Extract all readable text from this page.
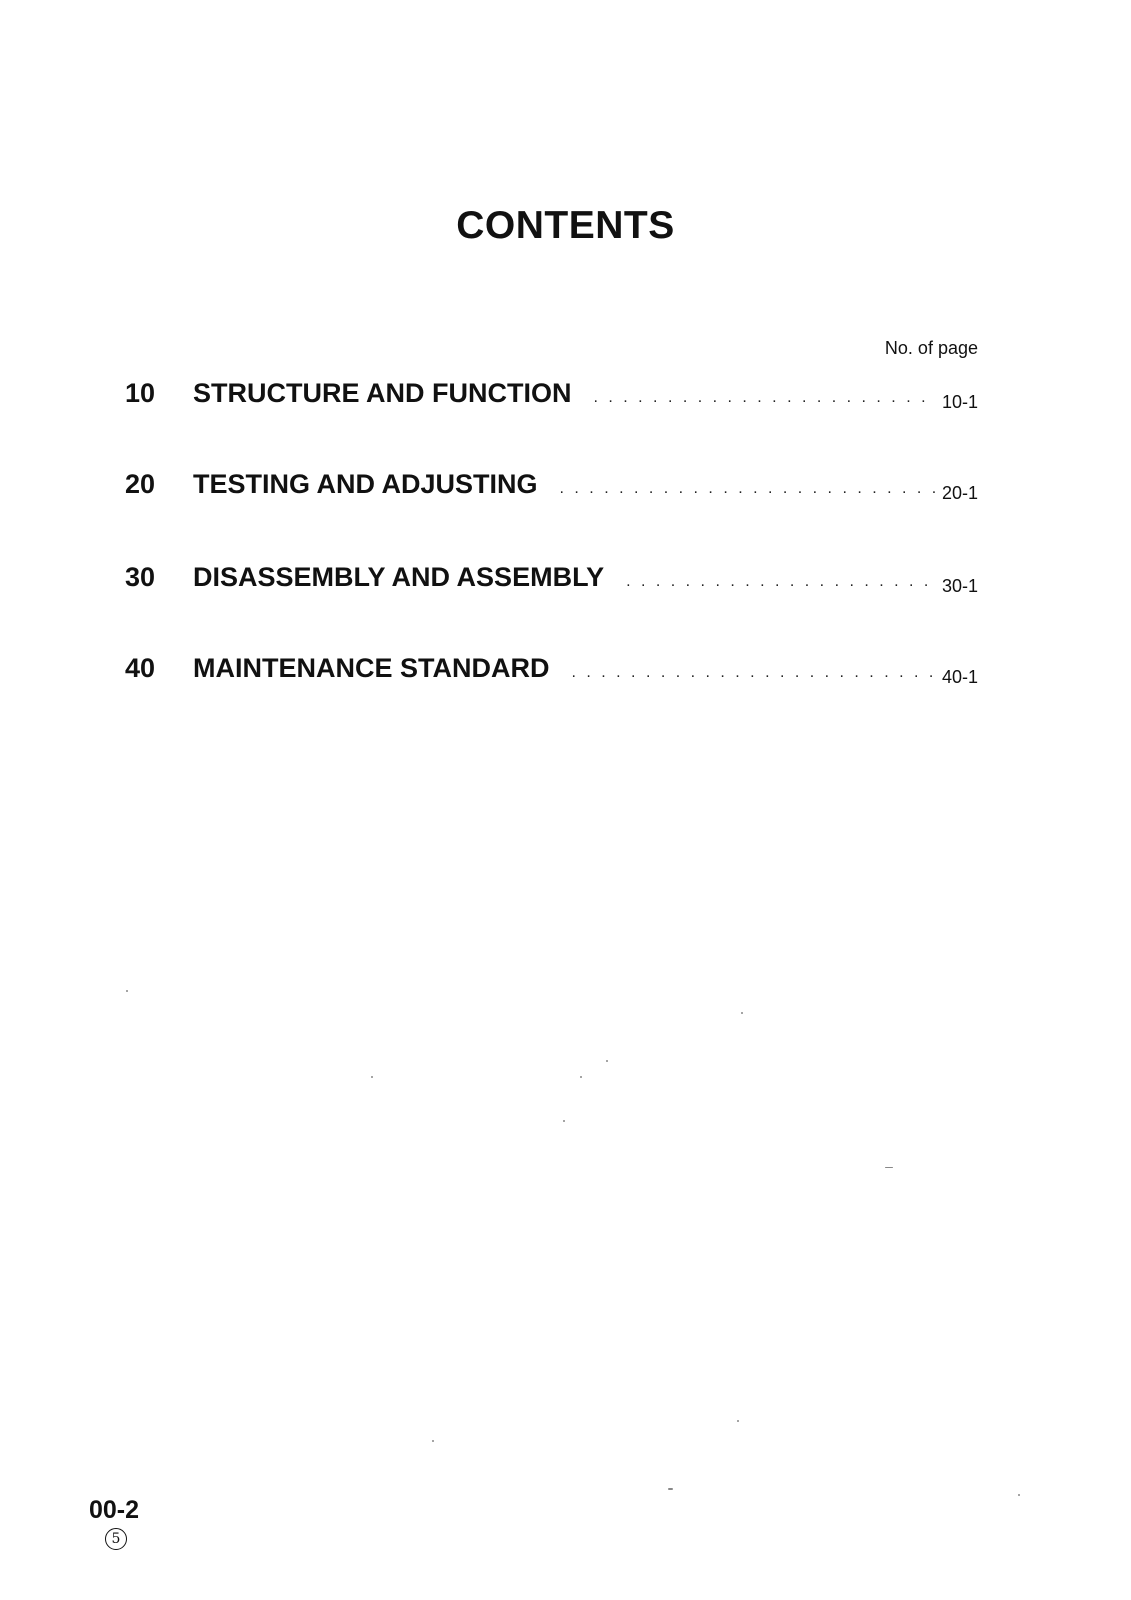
CONTENTS
No. of page
10	STRUCTURE AND FUNCTION . . .	10-1
20	TESTING AND ADJUSTING . . .	20-1
30	DISASSEMBLY AND ASSEMBLY . . .	30-1
40	MAINTENANCE STANDARD . . .	40-1
00-2
5
